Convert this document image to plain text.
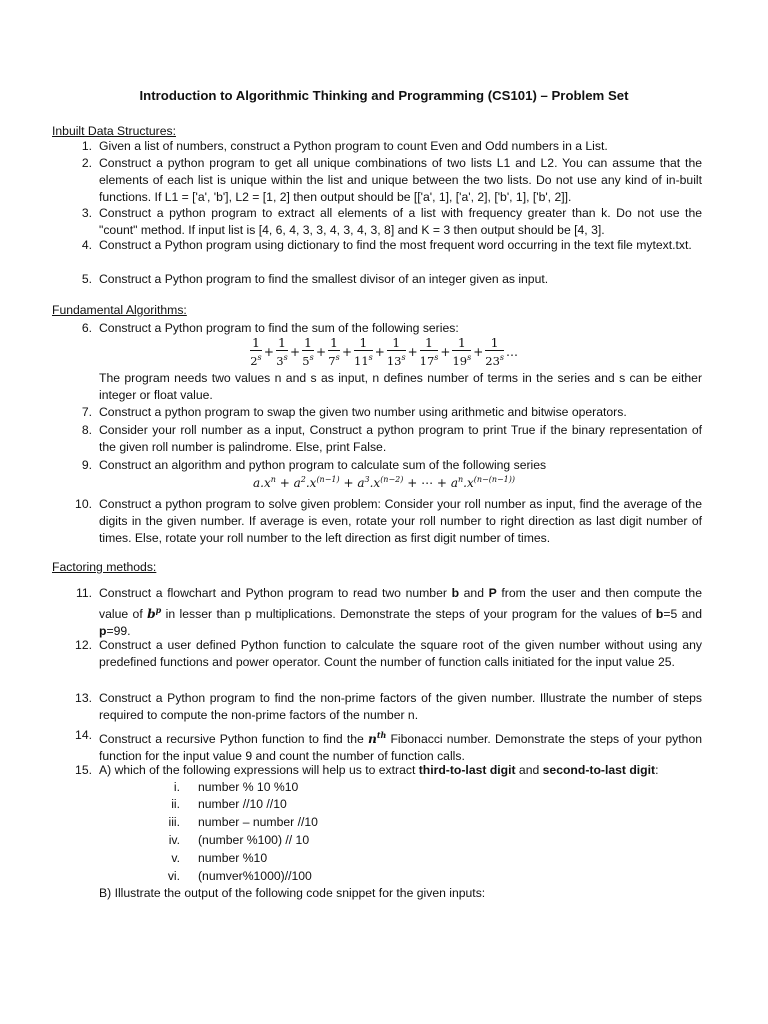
Introduction to Algorithmic Thinking and Programming (CS101) – Problem Set
Inbuilt Data Structures:
1. Given a list of numbers, construct a Python program to count Even and Odd numbers in a List.
2. Construct a python program to get all unique combinations of two lists L1 and L2. You can assume that the elements of each list is unique within the list and unique between the two lists. Do not use any kind of in-built functions. If L1 = ['a', 'b'], L2 = [1, 2] then output should be [['a', 1], ['a', 2], ['b', 1], ['b', 2]].
3. Construct a python program to extract all elements of a list with frequency greater than k. Do not use the "count" method. If input list is [4, 6, 4, 3, 3, 4, 3, 4, 3, 8] and K = 3 then output should be [4, 3].
4. Construct a Python program using dictionary to find the most frequent word occurring in the text file mytext.txt.
5. Construct a Python program to find the smallest divisor of an integer given as input.
Fundamental Algorithms:
6. Construct a Python program to find the sum of the following series:
$\frac{1}{2^s} + \frac{1}{3^s} + \frac{1}{5^s} + \frac{1}{7^s} + \frac{1}{11^s} + \frac{1}{13^s} + \frac{1}{17^s} + \frac{1}{19^s} + \frac{1}{23^s}$ …
The program needs two values n and s as input, n defines number of terms in the series and s can be either integer or float value.
7. Construct a python program to swap the given two number using arithmetic and bitwise operators.
8. Consider your roll number as a input, Construct a python program to print True if the binary representation of the given roll number is palindrome. Else, print False.
9. Construct an algorithm and python program to calculate sum of the following series
$a.x^n + a^2.x^{(n-1)} + a^3.x^{(n-2)}$ + ⋯ + $a^n.x^{(n-(n-1))}$
10. Construct a python program to solve given problem: Consider your roll number as input, find the average of the digits in the given number. If average is even, rotate your roll number to right direction as last digit number of times. Else, rotate your roll number to the left direction as first digit number of times.
Factoring methods:
11. Construct a flowchart and Python program to read two number b and P from the user and then compute the value of $b^p$ in lesser than p multiplications. Demonstrate the steps of your program for the values of b=5 and p=99.
12. Construct a user defined Python function to calculate the square root of the given number without using any predefined functions and power operator. Count the number of function calls initiated for the input value 25.
13. Construct a Python program to find the non-prime factors of the given number. Illustrate the number of steps required to compute the non-prime factors of the number n.
14. Construct a recursive Python function to find the $n^{th}$ Fibonacci number. Demonstrate the steps of your python function for the input value 9 and count the number of function calls.
15. A) which of the following expressions will help us to extract third-to-last digit and second-to-last digit:
i. number % 10 %10
ii. number //10 //10
iii. number – number //10
iv. (number %100) // 10
v. number %10
vi. (numver%1000)//100
B) Illustrate the output of the following code snippet for the given inputs:
